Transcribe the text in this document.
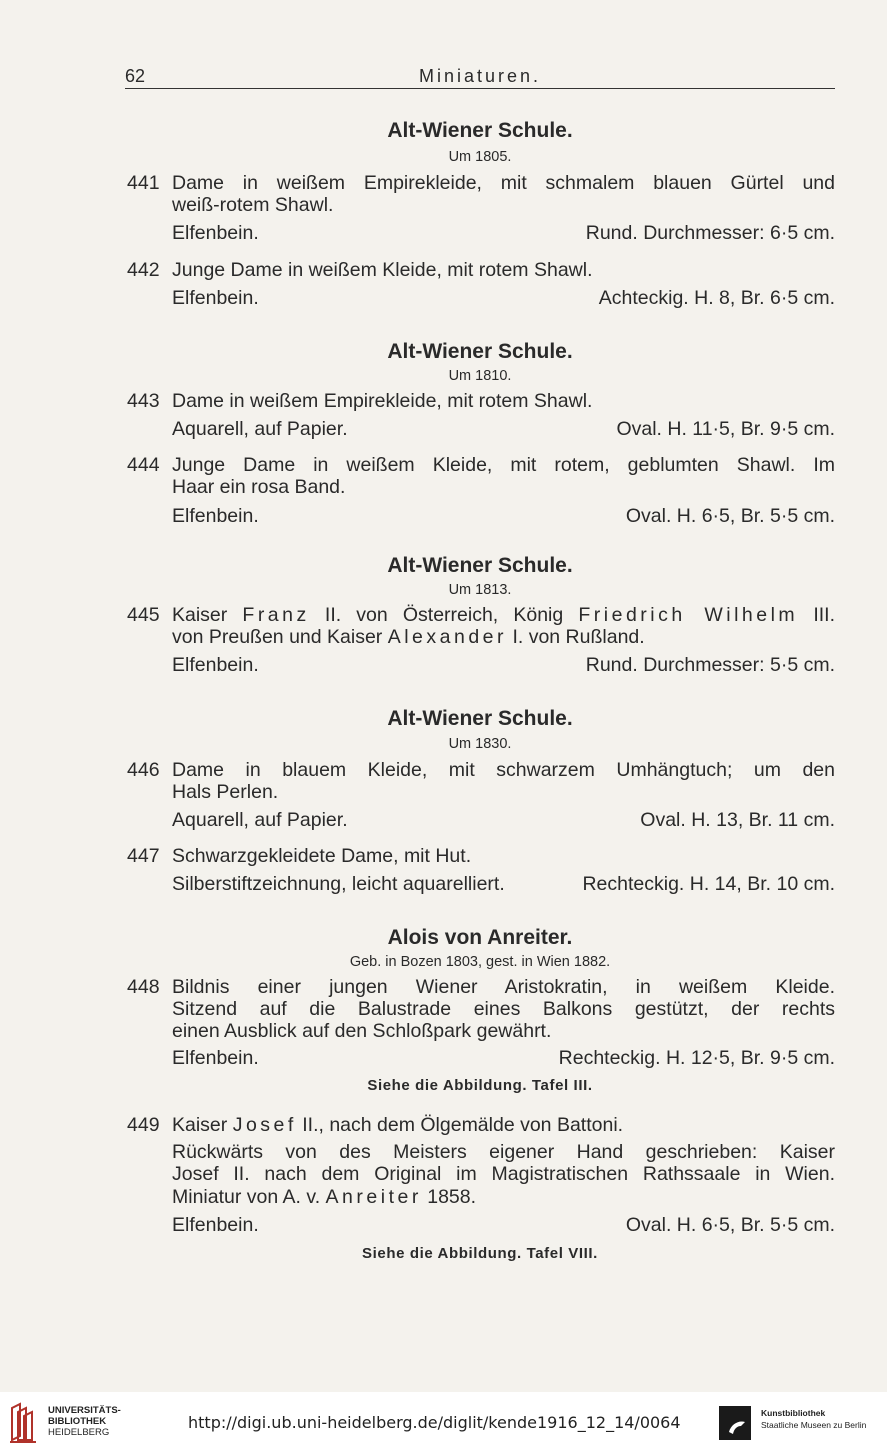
62	Miniaturen.
Alt-Wiener Schule.
Um 1805.
441 Dame in weißem Empirekleide, mit schmalem blauen Gürtel und
weiß-rotem Shawl.
Elfenbein.	Rund. Durchmesser: 6·5 cm.
442 Junge Dame in weißem Kleide, mit rotem Shawl.
Elfenbein.	Achteckig. H. 8, Br. 6·5 cm.
Alt-Wiener Schule.
Um 1810.
443 Dame in weißem Empirekleide, mit rotem Shawl.
Aquarell, auf Papier.	Oval. H. 11·5, Br. 9·5 cm.
444 Junge Dame in weißem Kleide, mit rotem, geblumten Shawl. Im
Haar ein rosa Band.
Elfenbein.	Oval. H. 6·5, Br. 5·5 cm.
Alt-Wiener Schule.
Um 1813.
445 Kaiser Franz II. von Österreich, König Friedrich Wilhelm III.
von Preußen und Kaiser Alexander I. von Rußland.
Elfenbein.	Rund. Durchmesser: 5·5 cm.
Alt-Wiener Schule.
Um 1830.
446 Dame in blauem Kleide, mit schwarzem Umhängtuch; um den
Hals Perlen.
Aquarell, auf Papier.	Oval. H. 13, Br. 11 cm.
447 Schwarzgekleidete Dame, mit Hut.
Silberstiftzeichnung, leicht aquarelliert.	Rechteckig. H. 14, Br. 10 cm.
Alois von Anreiter.
Geb. in Bozen 1803, gest. in Wien 1882.
448 Bildnis einer jungen Wiener Aristokratin, in weißem Kleide.
Sitzend auf die Balustrade eines Balkons gestützt, der rechts
einen Ausblick auf den Schloßpark gewährt.
Elfenbein.	Rechteckig. H. 12·5, Br. 9·5 cm.
Siehe die Abbildung. Tafel III.
449 Kaiser Josef II., nach dem Ölgemälde von Battoni.
Rückwärts von des Meisters eigener Hand geschrieben: Kaiser
Josef II. nach dem Original im Magistratischen Rathssaale in Wien.
Miniatur von A. v. Anreiter 1858.
Elfenbein.	Oval. H. 6·5, Br. 5·5 cm.
Siehe die Abbildung. Tafel VIII.
UNIVERSITÄTS-
BIBLIOTHEK
HEIDELBERG
http://digi.ub.uni-heidelberg.de/diglit/kende1916_12_14/0064	Kunstbibliothek
Staatliche Museen zu Berlin
